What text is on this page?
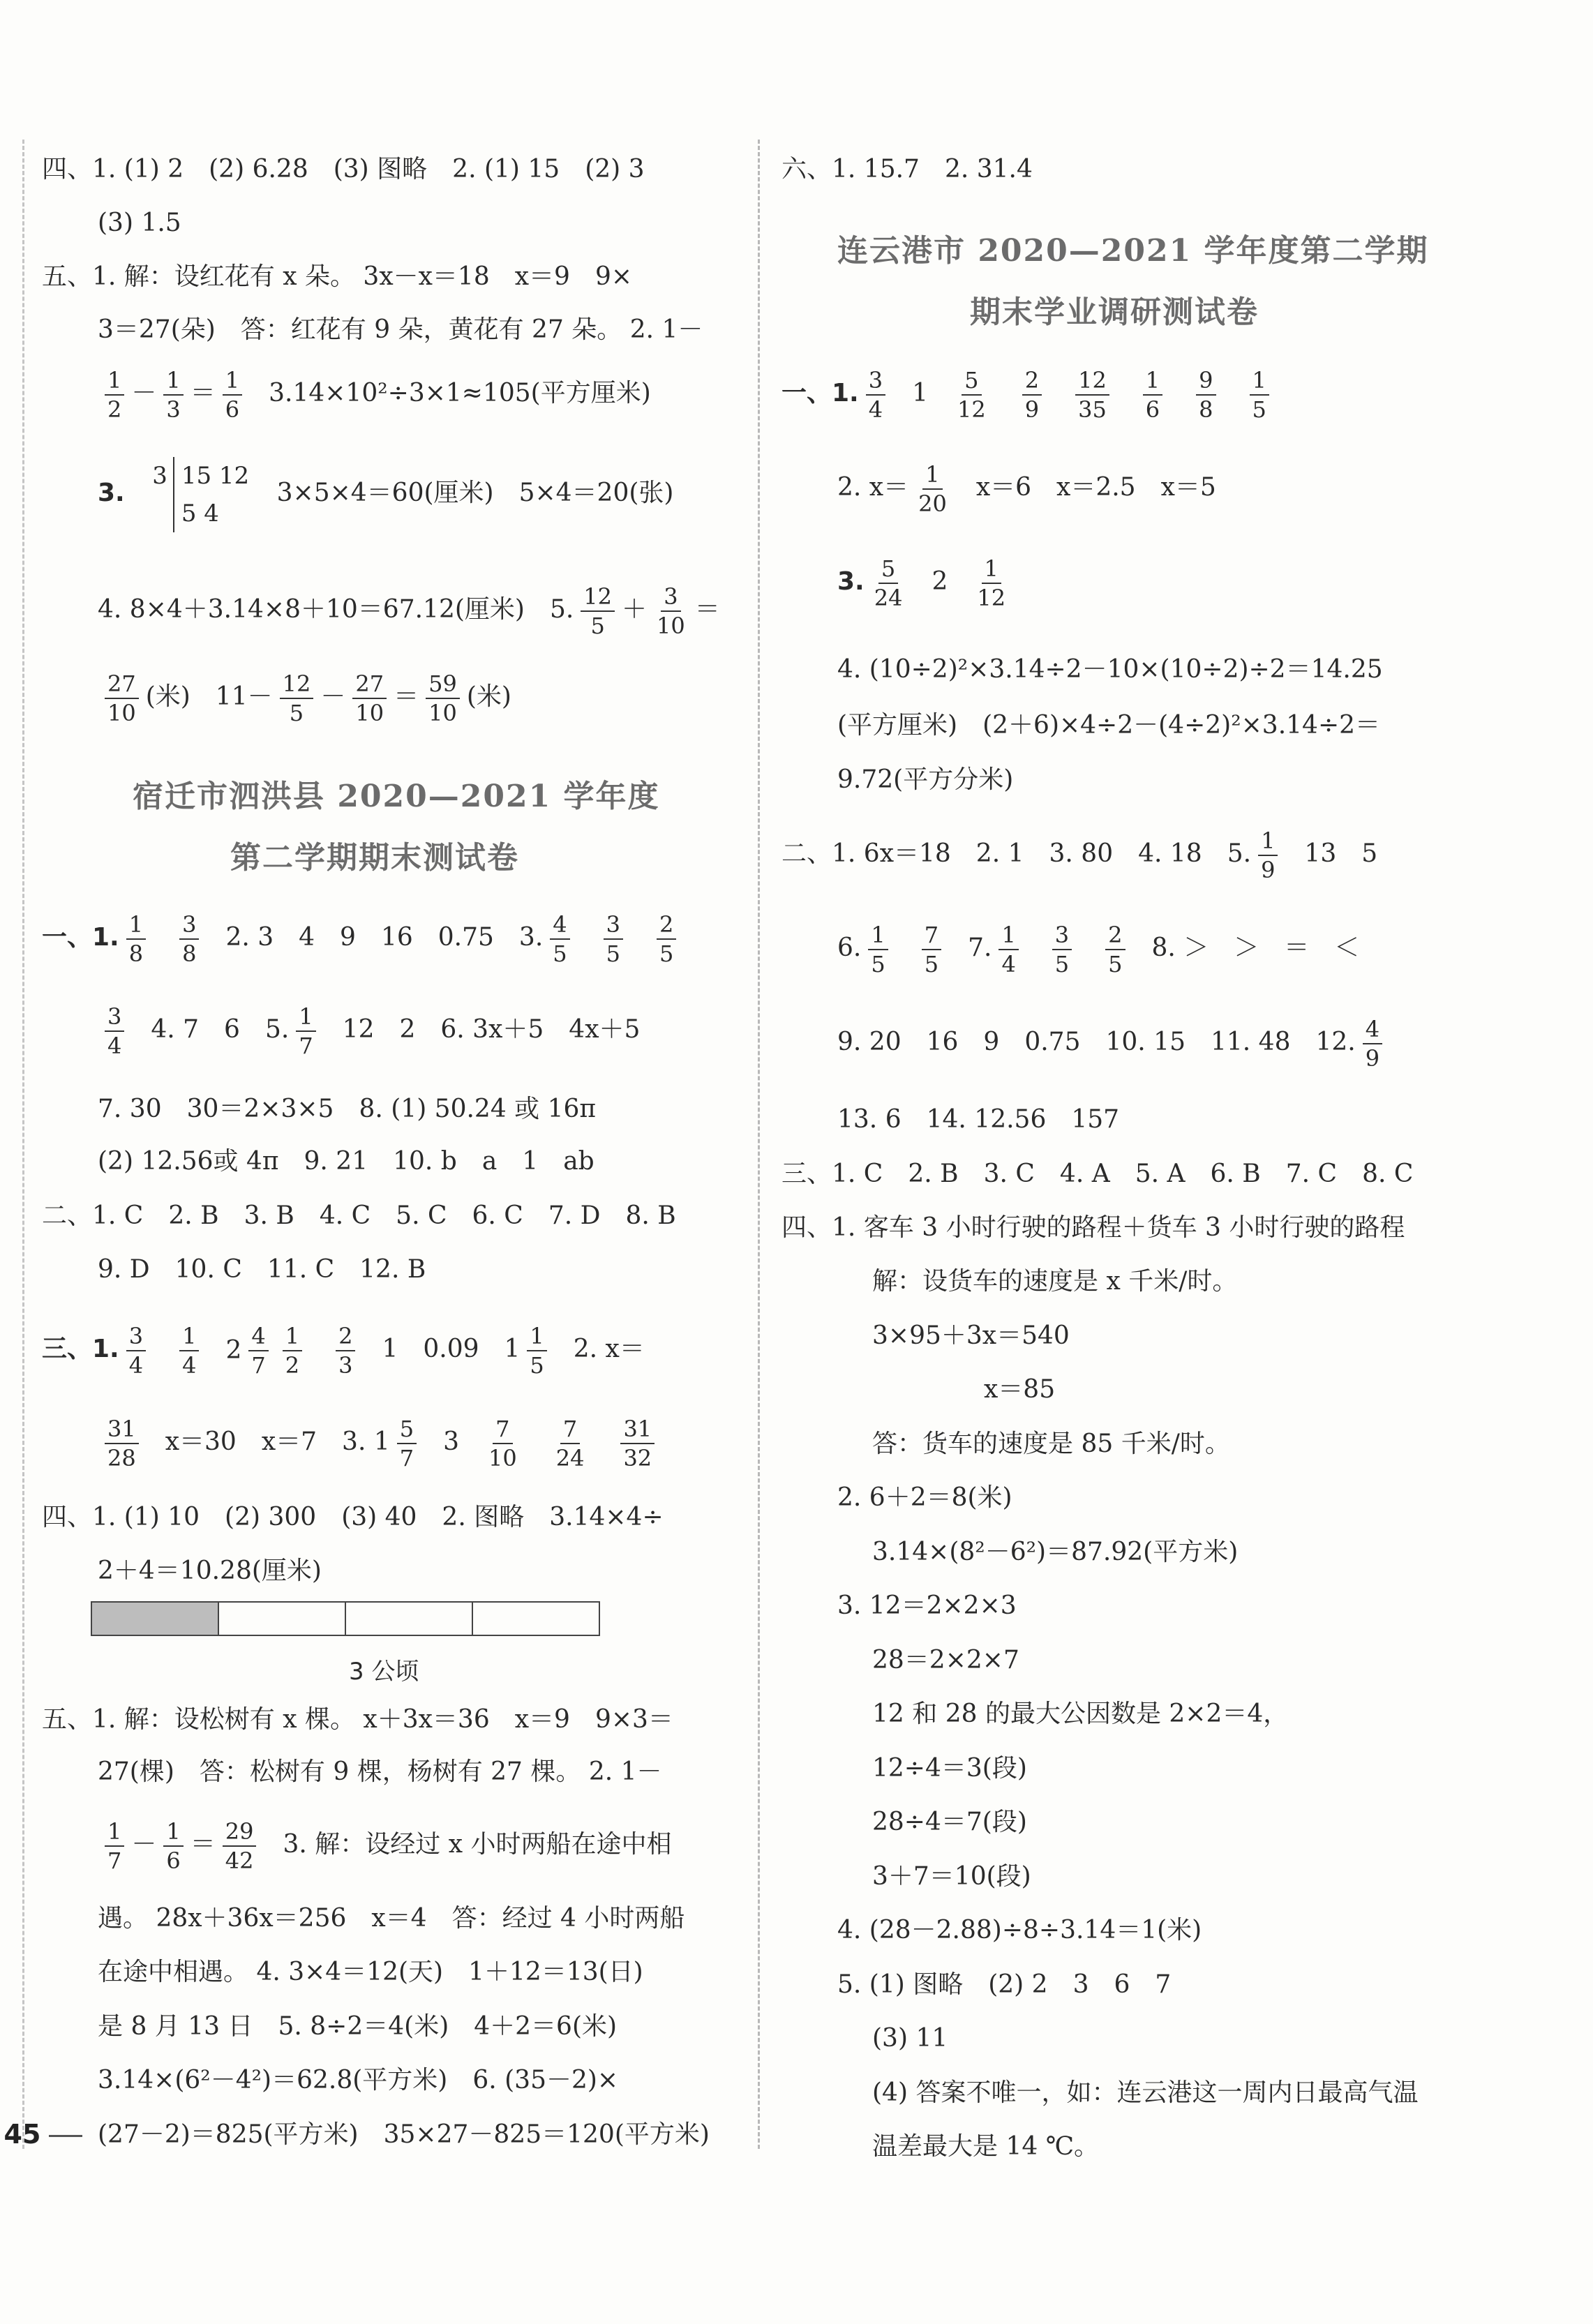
四、1. (1) 2　(2) 6.28　(3) 图略　2. (1) 15　(2) 3
(3) 1.5
五、1. 解：设红花有 x 朵。 3x－x＝18　x＝9　9×
3＝27(朵)　答：红花有 9 朵，黄花有 27 朵。 2. 1－
$\frac{1}{2} - \frac{1}{3} = \frac{1}{6} 3.14\times 10^2\div 3\times 1\approx 105$(平方厘米)
3.
3 15 12
5 4
3×5×4＝60(厘米)　5×4＝20(张)
4. 8×4＋3.14×8＋10＝67.12(厘米)　5. $\frac{12}{5} + \frac{3}{10}$ ＝
$\frac{27}{10}$ (米)　$11- \frac{12}{5} - \frac{27}{10} = \frac{59}{10}$ (米)
宿迁市泗洪县 2020—2021 学年度
第二学期期末测试卷
一、1. $\frac{1}{8} \frac{3}{8} 2$. 3　4　9　16　0.75　3. $\frac{4}{5} \frac{3}{5} \frac{2}{5}$
$\frac{3}{4} 4$. 7　6　5. $\frac{1}{7} 12$　2　6. 3x＋5　4x＋5
7. 30　30＝2×3×5　8. (1) 50.24 或 16π
(2) 12.56或 4π　9. 21　10. b　a　1　ab
二、1. C　2. B　3. B　4. C　5. C　6. C　7. D　8. B
9. D　10. C　11. C　12. B
三、1. $\frac{3}{4} \frac{1}{4} 2 \frac{4}{7} \frac{1}{2} \frac{2}{3} 1$　0.09　$1 \frac{1}{5} 2$. x＝
$\frac{31}{28} x=30$　x＝7　3. $1 \frac{5}{7} 3 \frac{7}{10} \frac{7}{24} \frac{31}{32}$
四、1. (1) 10　(2) 300　(3) 40　2. 图略　3.14×4÷
2＋4＝10.28(厘米)
3 公顷
五、1. 解：设松树有 x 棵。 x＋3x＝36　x＝9　9×3＝
27(棵)　答：松树有 9 棵，杨树有 27 棵。 2. 1－
$\frac{1}{7} - \frac{1}{6} = \frac{29}{42} 3$. 解：设经过 x 小时两船在途中相
遇。 28x＋36x＝256　x＝4　答：经过 4 小时两船
在途中相遇。 4. 3×4＝12(天)　1＋12＝13(日)
是 8 月 13 日　5. 8÷2＝4(米)　4＋2＝6(米)
3.14×(6²－4²)＝62.8(平方米)　6. (35－2)×
(27－2)＝825(平方米)　35×27－825＝120(平方米)
六、1. 15.7　2. 31.4
连云港市 2020—2021 学年度第二学期
期末学业调研测试卷
一、1. $\frac{3}{4} 1 \frac{5}{12} \frac{2}{9} \frac{12}{35} \frac{1}{6} \frac{9}{8} \frac{1}{5}$
2. $x= \frac{1}{20} x=6$　x＝2.5　x＝5
3. $\frac{5}{24} 2 \frac{1}{12}$
4. (10÷2)²×3.14÷2－10×(10÷2)÷2＝14.25
(平方厘米)　(2＋6)×4÷2－(4÷2)²×3.14÷2＝
9.72(平方分米)
二、1. 6x＝18　2. 1　3. 80　4. 18　5. $\frac{1}{9} 13$　5
6. $\frac{1}{5} \frac{7}{5} 7$. $\frac{1}{4} \frac{3}{5} \frac{2}{5} 8$. ＞　＞　＝　＜
9. 20　16　9　0.75　10. 15　11. 48　12. $\frac{4}{9}$
13. 6　14. 12.56　157
三、1. C　2. B　3. C　4. A　5. A　6. B　7. C　8. C
四、1. 客车 3 小时行驶的路程＋货车 3 小时行驶的路程
解：设货车的速度是 x 千米/时。
3×95＋3x＝540
x＝85
答：货车的速度是 85 千米/时。
2. 6＋2＝8(米)
3.14×(8²－6²)＝87.92(平方米)
3. 12＝2×2×3
28＝2×2×7
12 和 28 的最大公因数是 2×2＝4，
12÷4＝3(段)
28÷4＝7(段)
3＋7＝10(段)
4. (28－2.88)÷8÷3.14＝1(米)
5. (1) 图略　(2) 2　3　6　7
(3) 11
(4) 答案不唯一，如：连云港这一周内日最高气温
温差最大是 14 ℃。
45
